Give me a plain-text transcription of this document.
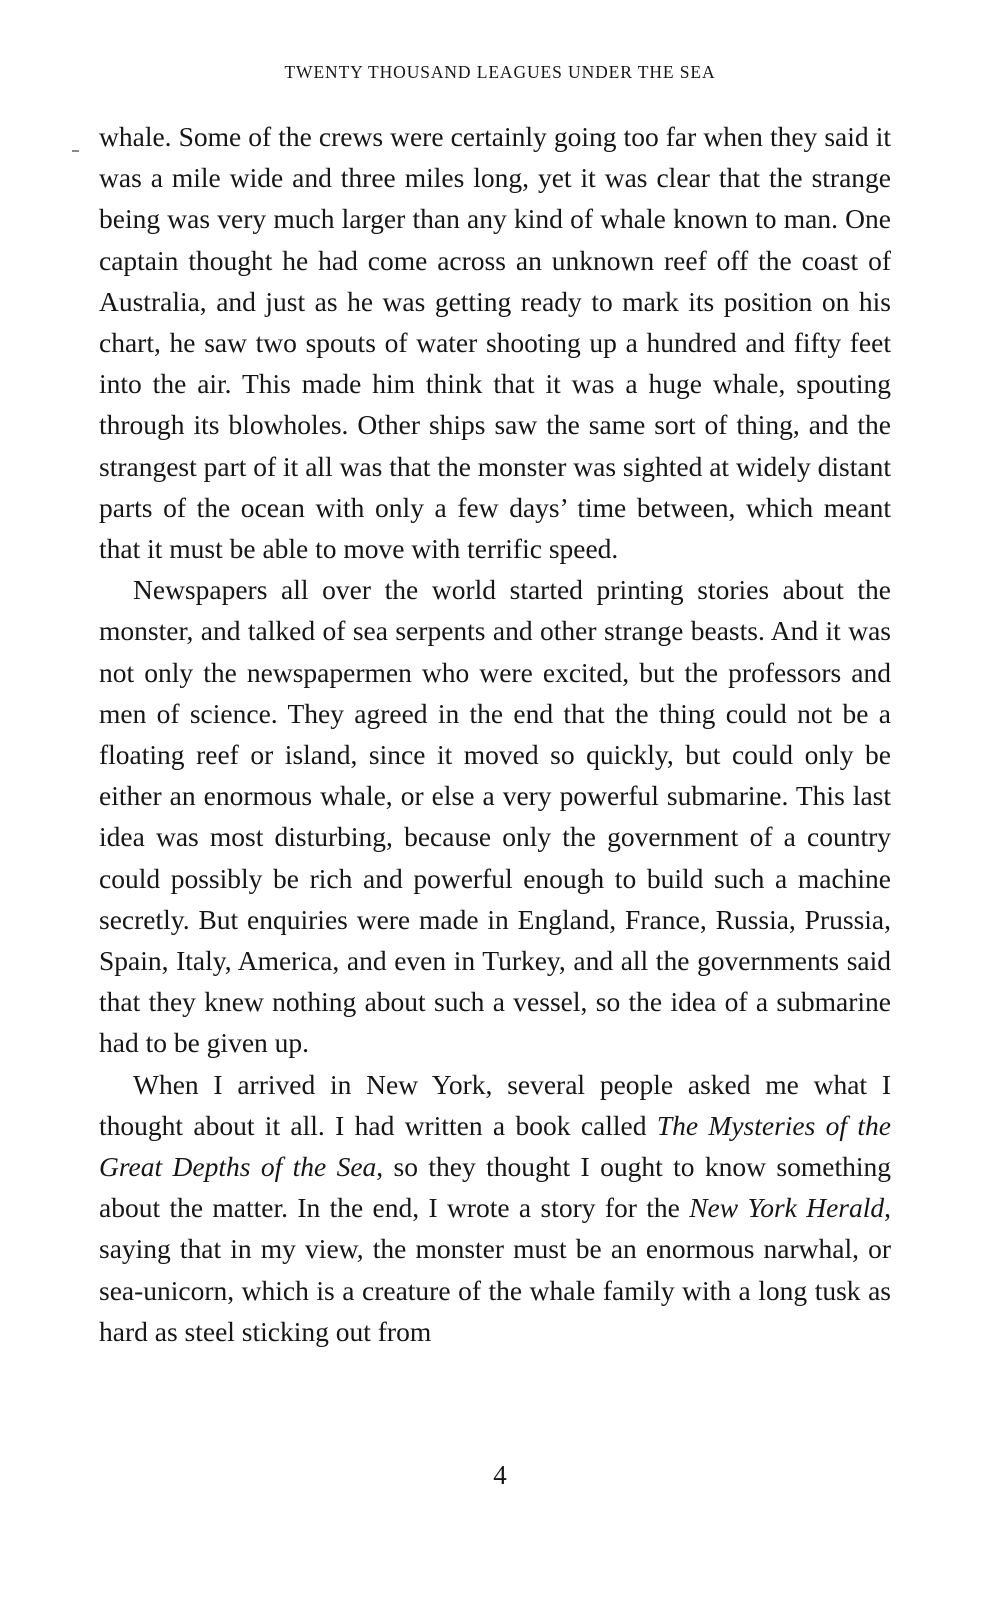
TWENTY THOUSAND LEAGUES UNDER THE SEA

whale. Some of the crews were certainly going too far when they said it was a mile wide and three miles long, yet it was clear that the strange being was very much larger than any kind of whale known to man. One captain thought he had come across an unknown reef off the coast of Australia, and just as he was getting ready to mark its position on his chart, he saw two spouts of water shooting up a hundred and fifty feet into the air. This made him think that it was a huge whale, spouting through its blowholes. Other ships saw the same sort of thing, and the strangest part of it all was that the monster was sighted at widely distant parts of the ocean with only a few days’ time between, which meant that it must be able to move with terrific speed.

Newspapers all over the world started printing stories about the monster, and talked of sea serpents and other strange beasts. And it was not only the newspapermen who were excited, but the professors and men of science. They agreed in the end that the thing could not be a floating reef or island, since it moved so quickly, but could only be either an enormous whale, or else a very powerful submarine. This last idea was most disturbing, because only the government of a country could possibly be rich and powerful enough to build such a machine secretly. But enquiries were made in England, France, Russia, Prussia, Spain, Italy, America, and even in Turkey, and all the governments said that they knew nothing about such a vessel, so the idea of a submarine had to be given up.

When I arrived in New York, several people asked me what I thought about it all. I had written a book called The Mysteries of the Great Depths of the Sea, so they thought I ought to know something about the matter. In the end, I wrote a story for the New York Herald, saying that in my view, the monster must be an enormous narwhal, or sea-unicorn, which is a creature of the whale family with a long tusk as hard as steel sticking out from

4
